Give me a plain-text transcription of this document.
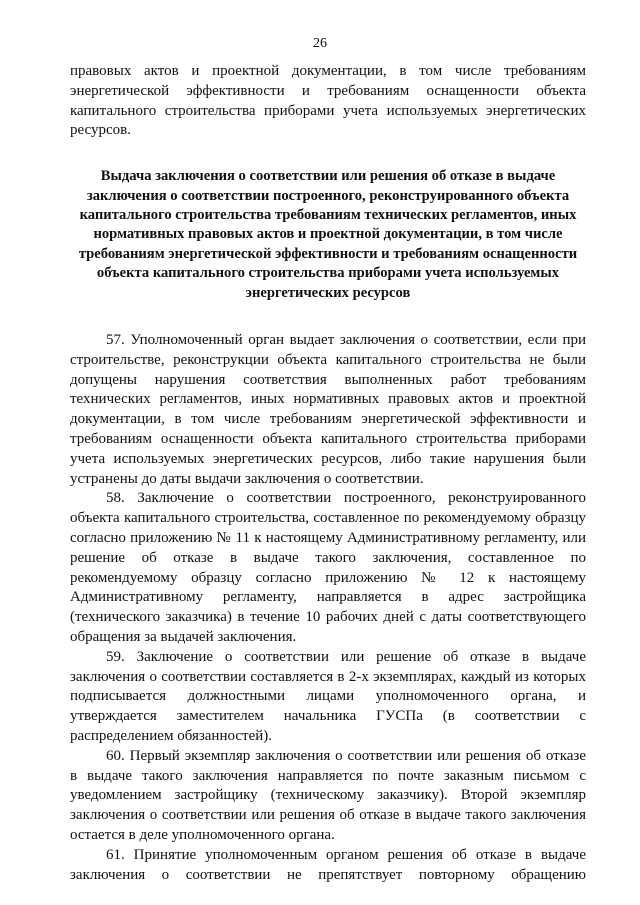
26

правовых актов и проектной документации, в том числе требованиям энергетической эффективности и требованиям оснащенности объекта капитального строительства приборами учета используемых энергетических ресурсов.

Выдача заключения о соответствии или решения об отказе в выдаче заключения о соответствии построенного, реконструированного объекта капитального строительства требованиям технических регламентов, иных нормативных правовых актов и проектной документации, в том числе требованиям энергетической эффективности и требованиям оснащенности объекта капитального строительства приборами учета используемых энергетических ресурсов

57. Уполномоченный орган выдает заключения о соответствии, если при строительстве, реконструкции объекта капитального строительства не были допущены нарушения соответствия выполненных работ требованиям технических регламентов, иных нормативных правовых актов и проектной документации, в том числе требованиям энергетической эффективности и требованиям оснащенности объекта капитального строительства приборами учета используемых энергетических ресурсов, либо такие нарушения были устранены до даты выдачи заключения о соответствии.

58. Заключение о соответствии построенного, реконструированного объекта капитального строительства, составленное по рекомендуемому образцу согласно приложению № 11 к настоящему Административному регламенту, или решение об отказе в выдаче такого заключения, составленное по рекомендуемому образцу согласно приложению № 12 к настоящему Административному регламенту, направляется в адрес застройщика (технического заказчика) в течение 10 рабочих дней с даты соответствующего обращения за выдачей заключения.

59. Заключение о соответствии или решение об отказе в выдаче заключения о соответствии составляется в 2-х экземплярах, каждый из которых подписывается должностными лицами уполномоченного органа, и утверждается заместителем начальника ГУСПа (в соответствии с распределением обязанностей).

60. Первый экземпляр заключения о соответствии или решения об отказе в выдаче такого заключения направляется по почте заказным письмом с уведомлением застройщику (техническому заказчику). Второй экземпляр заключения о соответствии или решения об отказе в выдаче такого заключения остается в деле уполномоченного органа.

61. Принятие уполномоченным органом решения об отказе в выдаче заключения о соответствии не препятствует повторному обращению
